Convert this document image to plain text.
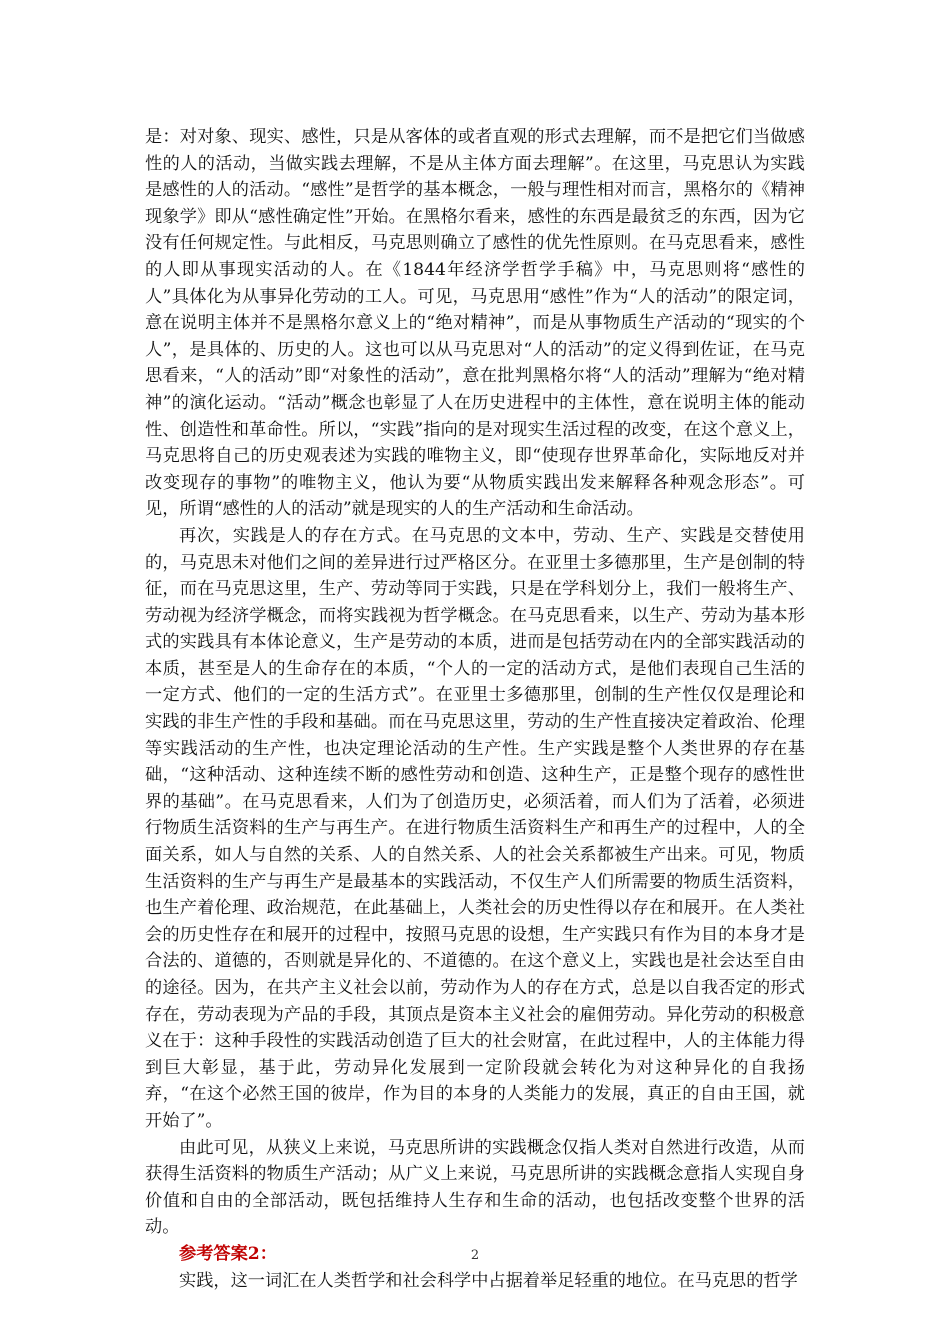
是：对对象、现实、感性，只是从客体的或者直观的形式去理解，而不是把它们当做感性的人的活动，当做实践去理解，不是从主体方面去理解”。在这里，马克思认为实践是感性的人的活动。“感性”是哲学的基本概念，一般与理性相对而言，黑格尔的《精神现象学》即从“感性确定性”开始。在黑格尔看来，感性的东西是最贫乏的东西，因为它没有任何规定性。与此相反，马克思则确立了感性的优先性原则。在马克思看来，感性的人即从事现实活动的人。在《1844年经济学哲学手稿》中，马克思则将“感性的人”具体化为从事异化劳动的工人。可见，马克思用“感性”作为“人的活动”的限定词，意在说明主体并不是黑格尔意义上的“绝对精神”，而是从事物质生产活动的“现实的个人”，是具体的、历史的人。这也可以从马克思对“人的活动”的定义得到佐证，在马克思看来，“人的活动”即“对象性的活动”，意在批判黑格尔将“人的活动”理解为“绝对精神”的演化运动。“活动”概念也彰显了人在历史进程中的主体性，意在说明主体的能动性、创造性和革命性。所以，“实践”指向的是对现实生活过程的改变，在这个意义上，马克思将自己的历史观表述为实践的唯物主义，即“使现存世界革命化，实际地反对并改变现存的事物”的唯物主义，他认为要“从物质实践出发来解释各种观念形态”。可见，所谓“感性的人的活动”就是现实的人的生产活动和生命活动。

再次，实践是人的存在方式。在马克思的文本中，劳动、生产、实践是交替使用的，马克思未对他们之间的差异进行过严格区分。在亚里士多德那里，生产是创制的特征，而在马克思这里，生产、劳动等同于实践，只是在学科划分上，我们一般将生产、劳动视为经济学概念，而将实践视为哲学概念。在马克思看来，以生产、劳动为基本形式的实践具有本体论意义，生产是劳动的本质，进而是包括劳动在内的全部实践活动的本质，甚至是人的生命存在的本质，“个人的一定的活动方式，是他们表现自己生活的一定方式、他们的一定的生活方式”。在亚里士多德那里，创制的生产性仅仅是理论和实践的非生产性的手段和基础。而在马克思这里，劳动的生产性直接决定着政治、伦理等实践活动的生产性，也决定理论活动的生产性。生产实践是整个人类世界的存在基础，“这种活动、这种连续不断的感性劳动和创造、这种生产，正是整个现存的感性世界的基础”。在马克思看来，人们为了创造历史，必须活着，而人们为了活着，必须进行物质生活资料的生产与再生产。在进行物质生活资料生产和再生产的过程中，人的全面关系，如人与自然的关系、人的自然关系、人的社会关系都被生产出来。可见，物质生活资料的生产与再生产是最基本的实践活动，不仅生产人们所需要的物质生活资料，也生产着伦理、政治规范，在此基础上，人类社会的历史性得以存在和展开。在人类社会的历史性存在和展开的过程中，按照马克思的设想，生产实践只有作为目的本身才是合法的、道德的，否则就是异化的、不道德的。在这个意义上，实践也是社会达至自由的途径。因为，在共产主义社会以前，劳动作为人的存在方式，总是以自我否定的形式存在，劳动表现为产品的手段，其顶点是资本主义社会的雇佣劳动。异化劳动的积极意义在于：这种手段性的实践活动创造了巨大的社会财富，在此过程中，人的主体能力得到巨大彰显，基于此，劳动异化发展到一定阶段就会转化为对这种异化的自我扬弃，“在这个必然王国的彼岸，作为目的本身的人类能力的发展，真正的自由王国，就开始了”。

由此可见，从狭义上来说，马克思所讲的实践概念仅指人类对自然进行改造，从而获得生活资料的物质生产活动；从广义上来说，马克思所讲的实践概念意指人实现自身价值和自由的全部活动，既包括维持人生存和生命的活动，也包括改变整个世界的活动。

参考答案2：

实践，这一词汇在人类哲学和社会科学中占据着举足轻重的地位。在马克思的哲学

2
